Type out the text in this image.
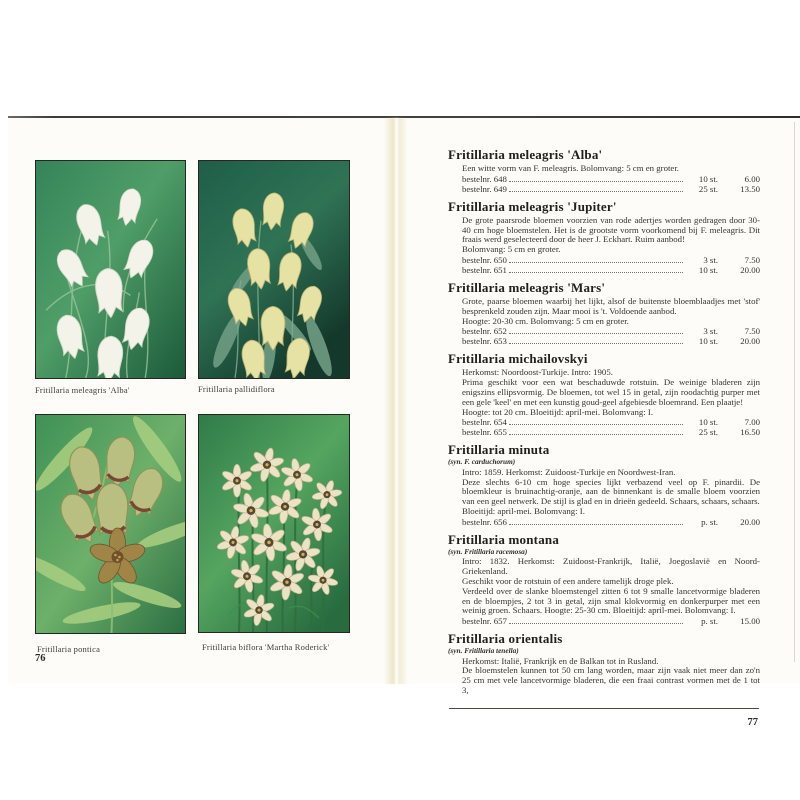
Fritillaria meleagris 'Alba'	Fritillaria pallidiflora
Fritillaria pontica	Fritillaria biflora 'Martha Roderick'
76
Fritillaria meleagris 'Alba'

Een witte vorm van F. meleagris. Bolomvang: 5 cm en groter.

bestelnr. 648	10 st.	6.00
bestelnr. 649	25 st.	13.50
Fritillaria meleagris 'Jupiter'

De grote paarsrode bloemen voorzien van rode adertjes worden gedragen door 30-40 cm hoge bloemstelen. Het is de grootste vorm voorkomend bij F. meleagris. Dit fraais werd geselecteerd door de heer J. Eckhart. Ruim aanbod!

Bolomvang: 5 cm en groter.

bestelnr. 650	3 st.	7.50
bestelnr. 651	10 st.	20.00
Fritillaria meleagris 'Mars'

Grote, paarse bloemen waarbij het lijkt, alsof de buitenste bloemblaadjes met 'stof' besprenkeld zouden zijn. Maar mooi is 't. Voldoende aanbod.

Hoogte: 20-30 cm. Bolomvang: 5 cm en groter.

bestelnr. 652	3 st.	7.50
bestelnr. 653	10 st.	20.00
Fritillaria michailovskyi

Herkomst: Noordoost-Turkije. Intro: 1905.

Prima geschikt voor een wat beschaduwde rotstuin. De weinige bladeren zijn enigszins ellipsvormig. De bloemen, tot wel 15 in getal, zijn roodachtig purper met een gele 'keel' en met een kunstig goud-geel afgebiesde bloemrand. Een plaatje!

Hoogte: tot 20 cm. Bloeitijd: april-mei. Bolomvang: I.

bestelnr. 654	10 st.	7.00
bestelnr. 655	25 st.	16.50
Fritillaria minuta
(syn. F. carduchorum)

Intro: 1859. Herkomst: Zuidoost-Turkije en Noordwest-Iran.

Deze slechts 6-10 cm hoge species lijkt verbazend veel op F. pinardii. De bloemkleur is bruinachtig-oranje, aan de binnenkant is de smalle bloem voorzien van een geel netwerk. De stijl is glad en in drieën gedeeld. Schaars, schaars, schaars.

Bloeitijd: april-mei. Bolomvang: I.

bestelnr. 656	p. st.	20.00
Fritillaria montana
(syn. Fritillaria racemosa)

Intro: 1832. Herkomst: Zuidoost-Frankrijk, Italië, Joegoslavië en Noord-Griekenland.

Geschikt voor de rotstuin of een andere tamelijk droge plek.

Verdeeld over de slanke bloemstengel zitten 6 tot 9 smalle lancetvormige bladeren en de bloempjes, 2 tot 3 in getal, zijn smal klokvormig en donkerpurper met een weinig groen. Schaars. Hoogte: 25-30 cm. Bloeitijd: april-mei. Bolomvang: I.

bestelnr. 657	p. st.	15.00
Fritillaria orientalis
(syn. Fritillaria tenella)

Herkomst: Italië, Frankrijk en de Balkan tot in Rusland.

De bloemstelen kunnen tot 50 cm lang worden, maar zijn vaak niet meer dan zo'n 25 cm met vele lancetvormige bladeren, die een fraai contrast vormen met de 1 tot 3,

77
